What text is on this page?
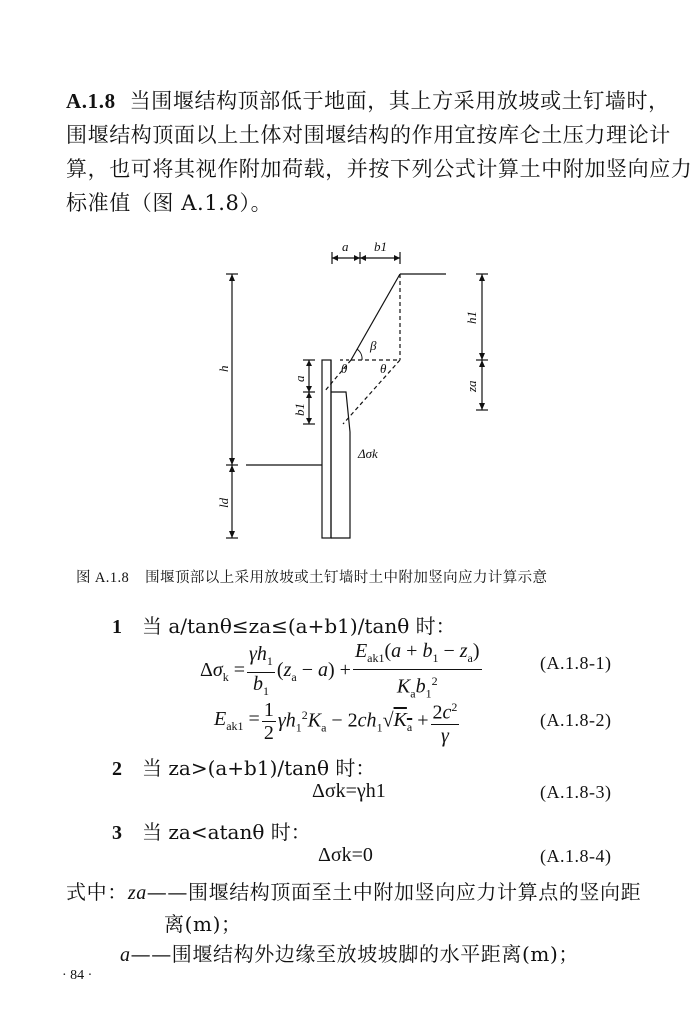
A.1.8 当围堰结构顶部低于地面，其上方采用放坡或土钉墙时，
围堰结构顶面以上土体对围堰结构的作用宜按库仑土压力理论计
算，也可将其视作附加荷载，并按下列公式计算土中附加竖向应力
标准值（图 A.1.8）。
a b1
β
θ	θ
h
ld
a
b1
h1
za
Δσk
图 A.1.8 围堰顶部以上采用放坡或土钉墙时土中附加竖向应力计算示意
1 当 a/tanθ≤za≤(a+b1)/tanθ 时：
$\Delta\sigma_k = \frac{\gamma h_1}{b_1} (z_a - a) + \frac{E_{ak1}(a + b_1 - z_a)}{K_ab_1^2}$	(A.1.8-1)
$E_{ak1} = \frac{1}{2} \gamma h_1^2K_a - 2ch_1√K_a + \frac{2c^2}{\gamma}$	(A.1.8-2)
2 当 za>(a+b1)/tanθ 时：
Δσk=γh1	(A.1.8-3)
3 当 za<atanθ 时：
Δσk=0	(A.1.8-4)
式中：za——围堰结构顶面至土中附加竖向应力计算点的竖向距
离(m)；
a——围堰结构外边缘至放坡坡脚的水平距离(m)；
· 84 ·
